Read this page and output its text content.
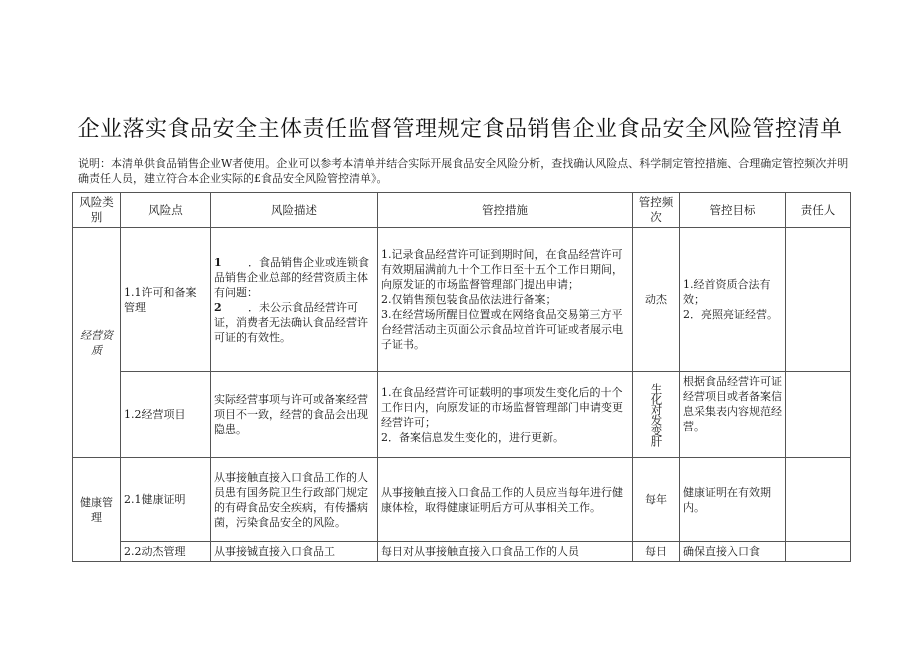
企业落实食品安全主体责任监督管理规定食品销售企业食品安全风险管控清单
说明：本清单供食品销售企业W者使用。企业可以参考本清单并结合实际开展食品安全风险分析，查找确认风险点、科学制定管控措施、合理确定管控频次并明确责任人员，建立符合本企业实际的£食品安全风险管控清单》。
风险类别	风险点	风险描述	管控措施	管控频次	管控目标	责任人
经营资质	1.1许可和备案管理	1 ．食品销售企业或连锁食品销售企业总部的经营资质主体有问题：
2 ．未公示食品经营许可证，消费者无法确认食品经营许可证的有效性。	1.记录食品经营许可证到期时间，在食品经营许可有效期届满前九十个工作日至十五个工作日期间，向原发证的市场监督管理部门提出申请；
2.仅销售预包装食品依法进行备案；
3.在经营场所醒目位置或在网络食品交易第三方平台经营活动主页面公示食品垃首许可证或者展示电子证书。	动杰	1.经首资质合法有效；
2．亮照亮证经营。	

	1.2经营项目	实际经营事项与许可或备案经营项目不一致，经营的食品会出现隐患。	1.在食品经营许可证载明的事项发生变化后的十个工作日内，向原发证的市场监督管理部门申请变更经营许可；
2．备案信息发生变化的，进行更新。	生化对发变肝	根据食品经营许可证经营项目或者备案信息采集表内容规范经营。	
健康管理	2.1健康证明	从事接触直接入口食品工作的人员患有国务院卫生行政部门规定的有碍食品安全疾病，有传播病菌，污染食品安全的风险。	从事接触直接入口食品工作的人员应当每年进行健康体检，取得健康证明后方可从事相关工作。	每年	健康证明在有效期内。	
	2.2动杰管理	从事接铖直接入口食品工	每日对从事接触直接入口食品工作的人员	每日	确保直接入口食	
